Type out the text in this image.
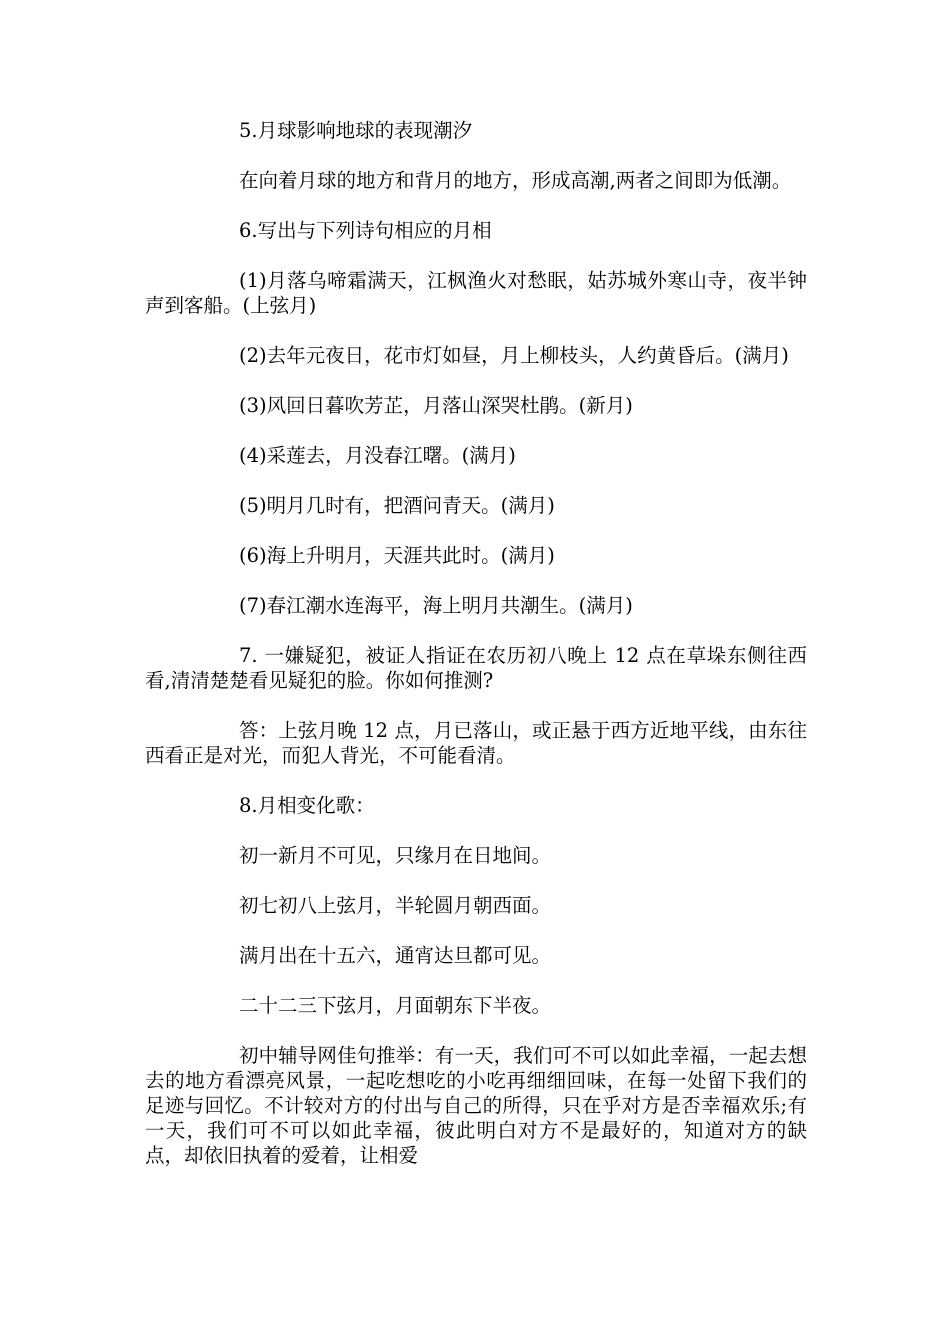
5.月球影响地球的表现潮汐

在向着月球的地方和背月的地方，形成高潮,两者之间即为低潮。

6.写出与下列诗句相应的月相

(1)月落乌啼霜满天，江枫渔火对愁眠，姑苏城外寒山寺，夜半钟声到客船。(上弦月)

(2)去年元夜日，花市灯如昼，月上柳枝头，人约黄昏后。(满月)

(3)风回日暮吹芳芷，月落山深哭杜鹃。(新月)

(4)采莲去，月没春江曙。(满月)

(5)明月几时有，把酒问青天。(满月)

(6)海上升明月，天涯共此时。(满月)

(7)春江潮水连海平，海上明月共潮生。(满月)

7. 一嫌疑犯，被证人指证在农历初八晚上 12 点在草垛东侧往西看,清清楚楚看见疑犯的脸。你如何推测?

答：上弦月晚 12 点，月已落山，或正悬于西方近地平线，由东往西看正是对光，而犯人背光，不可能看清。

8.月相变化歌：

初一新月不可见，只缘月在日地间。

初七初八上弦月，半轮圆月朝西面。

满月出在十五六，通宵达旦都可见。

二十二三下弦月，月面朝东下半夜。

初中辅导网佳句推举：有一天，我们可不可以如此幸福，一起去想去的地方看漂亮风景，一起吃想吃的小吃再细细回味，在每一处留下我们的足迹与回忆。不计较对方的付出与自己的所得，只在乎对方是否幸福欢乐;有一天，我们可不可以如此幸福，彼此明白对方不是最好的，知道对方的缺点，却依旧执着的爱着，让相爱
